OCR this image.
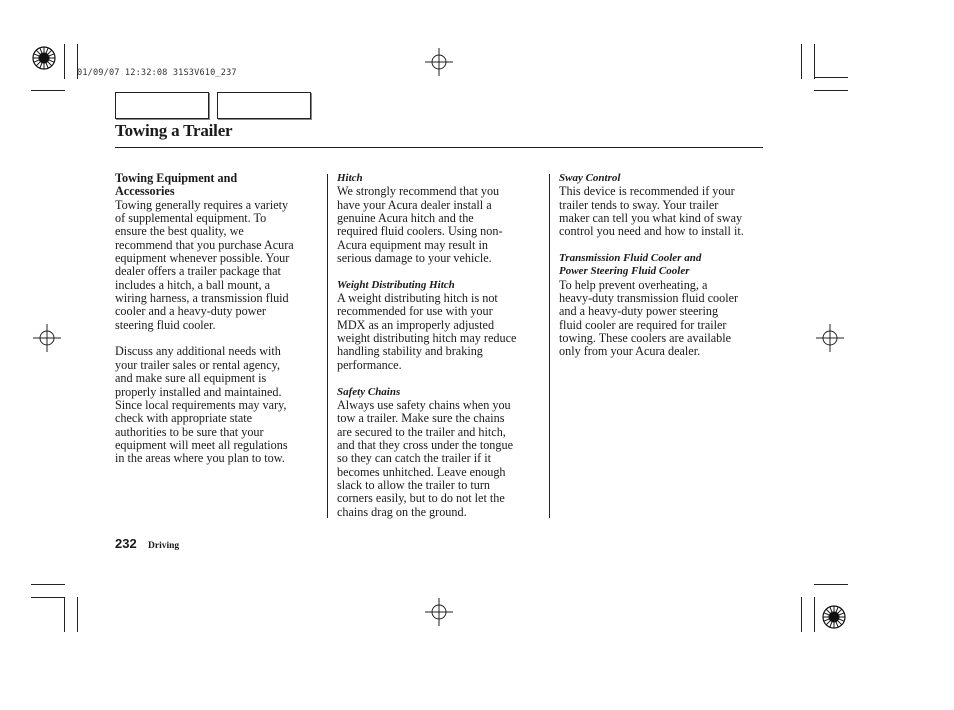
01/09/07 12:32:08 31S3V610_237
Towing a Trailer
Towing Equipment and
Accessories

Towing generally requires a variety
of supplemental equipment. To
ensure the best quality, we
recommend that you purchase Acura
equipment whenever possible. Your
dealer offers a trailer package that
includes a hitch, a ball mount, a
wiring harness, a transmission fluid
cooler and a heavy-duty power
steering fluid cooler.

Discuss any additional needs with
your trailer sales or rental agency,
and make sure all equipment is
properly installed and maintained.
Since local requirements may vary,
check with appropriate state
authorities to be sure that your
equipment will meet all regulations
in the areas where you plan to tow.

Hitch

We strongly recommend that you
have your Acura dealer install a
genuine Acura hitch and the
required fluid coolers. Using non-
Acura equipment may result in
serious damage to your vehicle.

Weight Distributing Hitch

A weight distributing hitch is not
recommended for use with your
MDX as an improperly adjusted
weight distributing hitch may reduce
handling stability and braking
performance.

Safety Chains

Always use safety chains when you
tow a trailer. Make sure the chains
are secured to the trailer and hitch,
and that they cross under the tongue
so they can catch the trailer if it
becomes unhitched. Leave enough
slack to allow the trailer to turn
corners easily, but to do not let the
chains drag on the ground.

Sway Control

This device is recommended if your
trailer tends to sway. Your trailer
maker can tell you what kind of sway
control you need and how to install it.

Transmission Fluid Cooler and
Power Steering Fluid Cooler

To help prevent overheating, a
heavy-duty transmission fluid cooler
and a heavy-duty power steering
fluid cooler are required for trailer
towing. These coolers are available
only from your Acura dealer.

232 Driving
